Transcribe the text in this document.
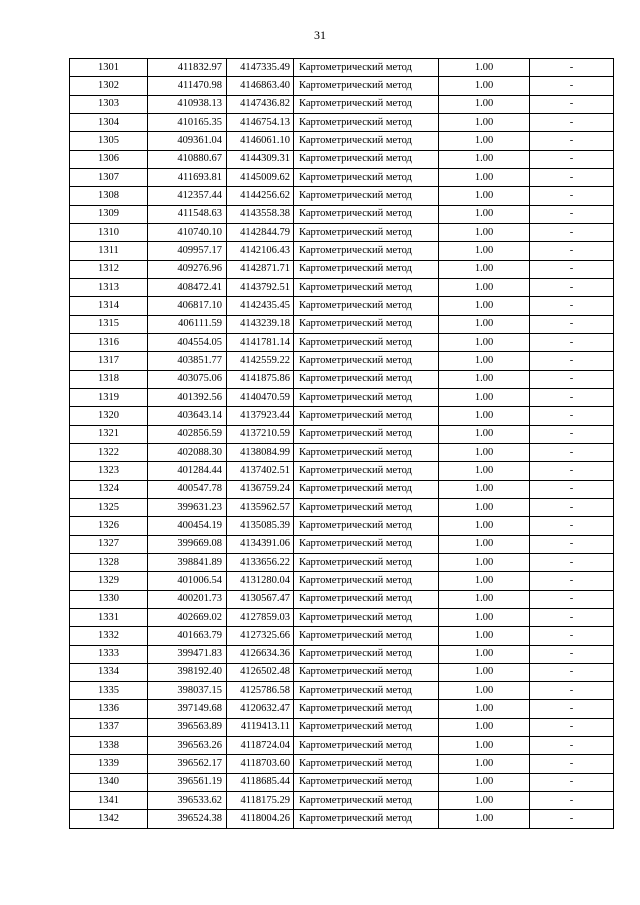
31
1301	411832.97	4147335.49	Картометрический метод	1.00	-
1302	411470.98	4146863.40	Картометрический метод	1.00	-
1303	410938.13	4147436.82	Картометрический метод	1.00	-
1304	410165.35	4146754.13	Картометрический метод	1.00	-
1305	409361.04	4146061.10	Картометрический метод	1.00	-
1306	410880.67	4144309.31	Картометрический метод	1.00	-
1307	411693.81	4145009.62	Картометрический метод	1.00	-
1308	412357.44	4144256.62	Картометрический метод	1.00	-
1309	411548.63	4143558.38	Картометрический метод	1.00	-
1310	410740.10	4142844.79	Картометрический метод	1.00	-
1311	409957.17	4142106.43	Картометрический метод	1.00	-
1312	409276.96	4142871.71	Картометрический метод	1.00	-
1313	408472.41	4143792.51	Картометрический метод	1.00	-
1314	406817.10	4142435.45	Картометрический метод	1.00	-
1315	406111.59	4143239.18	Картометрический метод	1.00	-
1316	404554.05	4141781.14	Картометрический метод	1.00	-
1317	403851.77	4142559.22	Картометрический метод	1.00	-
1318	403075.06	4141875.86	Картометрический метод	1.00	-
1319	401392.56	4140470.59	Картометрический метод	1.00	-
1320	403643.14	4137923.44	Картометрический метод	1.00	-
1321	402856.59	4137210.59	Картометрический метод	1.00	-
1322	402088.30	4138084.99	Картометрический метод	1.00	-
1323	401284.44	4137402.51	Картометрический метод	1.00	-
1324	400547.78	4136759.24	Картометрический метод	1.00	-
1325	399631.23	4135962.57	Картометрический метод	1.00	-
1326	400454.19	4135085.39	Картометрический метод	1.00	-
1327	399669.08	4134391.06	Картометрический метод	1.00	-
1328	398841.89	4133656.22	Картометрический метод	1.00	-
1329	401006.54	4131280.04	Картометрический метод	1.00	-
1330	400201.73	4130567.47	Картометрический метод	1.00	-
1331	402669.02	4127859.03	Картометрический метод	1.00	-
1332	401663.79	4127325.66	Картометрический метод	1.00	-
1333	399471.83	4126634.36	Картометрический метод	1.00	-
1334	398192.40	4126502.48	Картометрический метод	1.00	-
1335	398037.15	4125786.58	Картометрический метод	1.00	-
1336	397149.68	4120632.47	Картометрический метод	1.00	-
1337	396563.89	4119413.11	Картометрический метод	1.00	-
1338	396563.26	4118724.04	Картометрический метод	1.00	-
1339	396562.17	4118703.60	Картометрический метод	1.00	-
1340	396561.19	4118685.44	Картометрический метод	1.00	-
1341	396533.62	4118175.29	Картометрический метод	1.00	-
1342	396524.38	4118004.26	Картометрический метод	1.00	-
